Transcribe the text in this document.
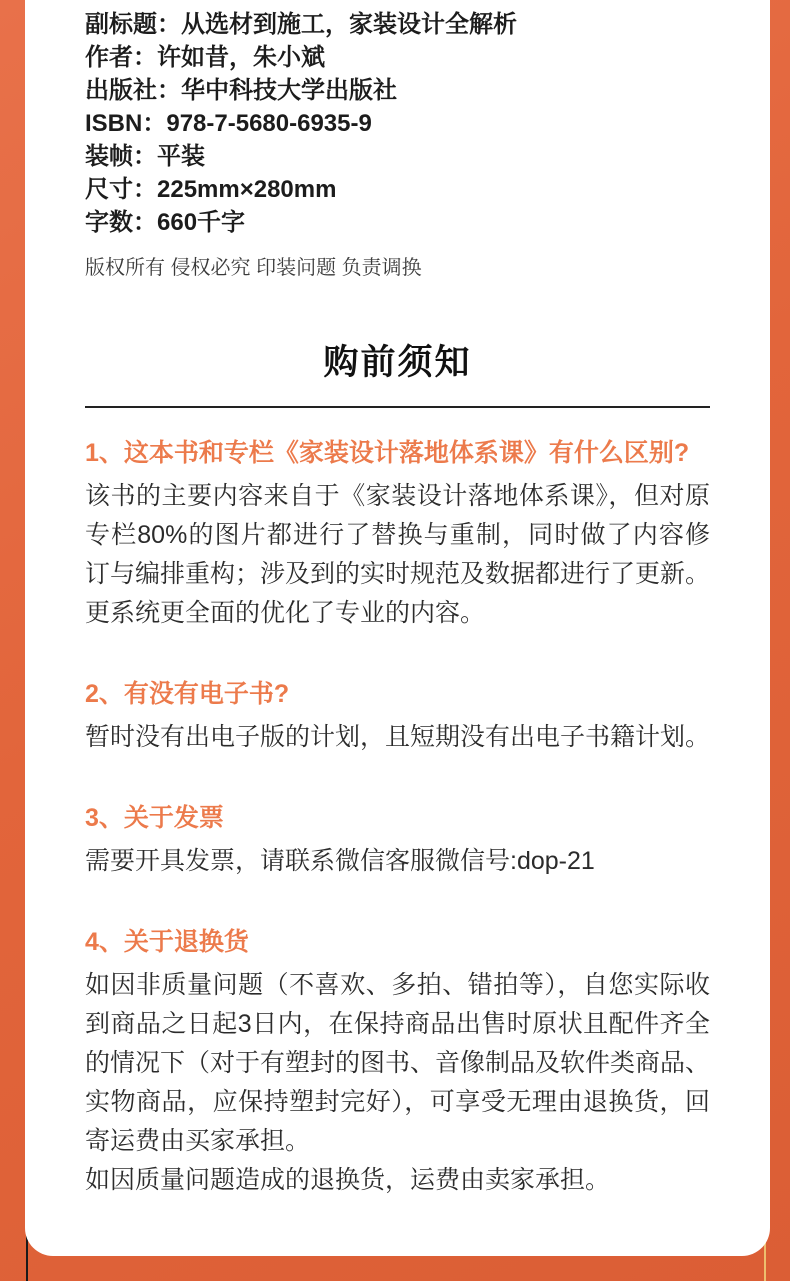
副标题：从选材到施工，家装设计全解析
作者：许如昔，朱小斌
出版社：华中科技大学出版社
ISBN：978-7-5680-6935-9
装帧：平装
尺寸：225mm×280mm
字数：660千字
版权所有 侵权必究 印装问题 负责调换
购前须知
1、这本书和专栏《家装设计落地体系课》有什么区别?

该书的主要内容来自于《家装设计落地体系课》，但对原专栏80%的图片都进行了替换与重制，同时做了内容修订与编排重构；涉及到的实时规范及数据都进行了更新。更系统更全面的优化了专业的内容。

2、有没有电子书?

暂时没有出电子版的计划，且短期没有出电子书籍计划。

3、关于发票

需要开具发票，请联系微信客服微信号:dop-21

4、关于退换货

如因非质量问题（不喜欢、多拍、错拍等），自您实际收到商品之日起3日内，在保持商品出售时原状且配件齐全的情况下（对于有塑封的图书、音像制品及软件类商品、实物商品，应保持塑封完好），可享受无理由退换货，回寄运费由买家承担。

如因质量问题造成的退换货，运费由卖家承担。
